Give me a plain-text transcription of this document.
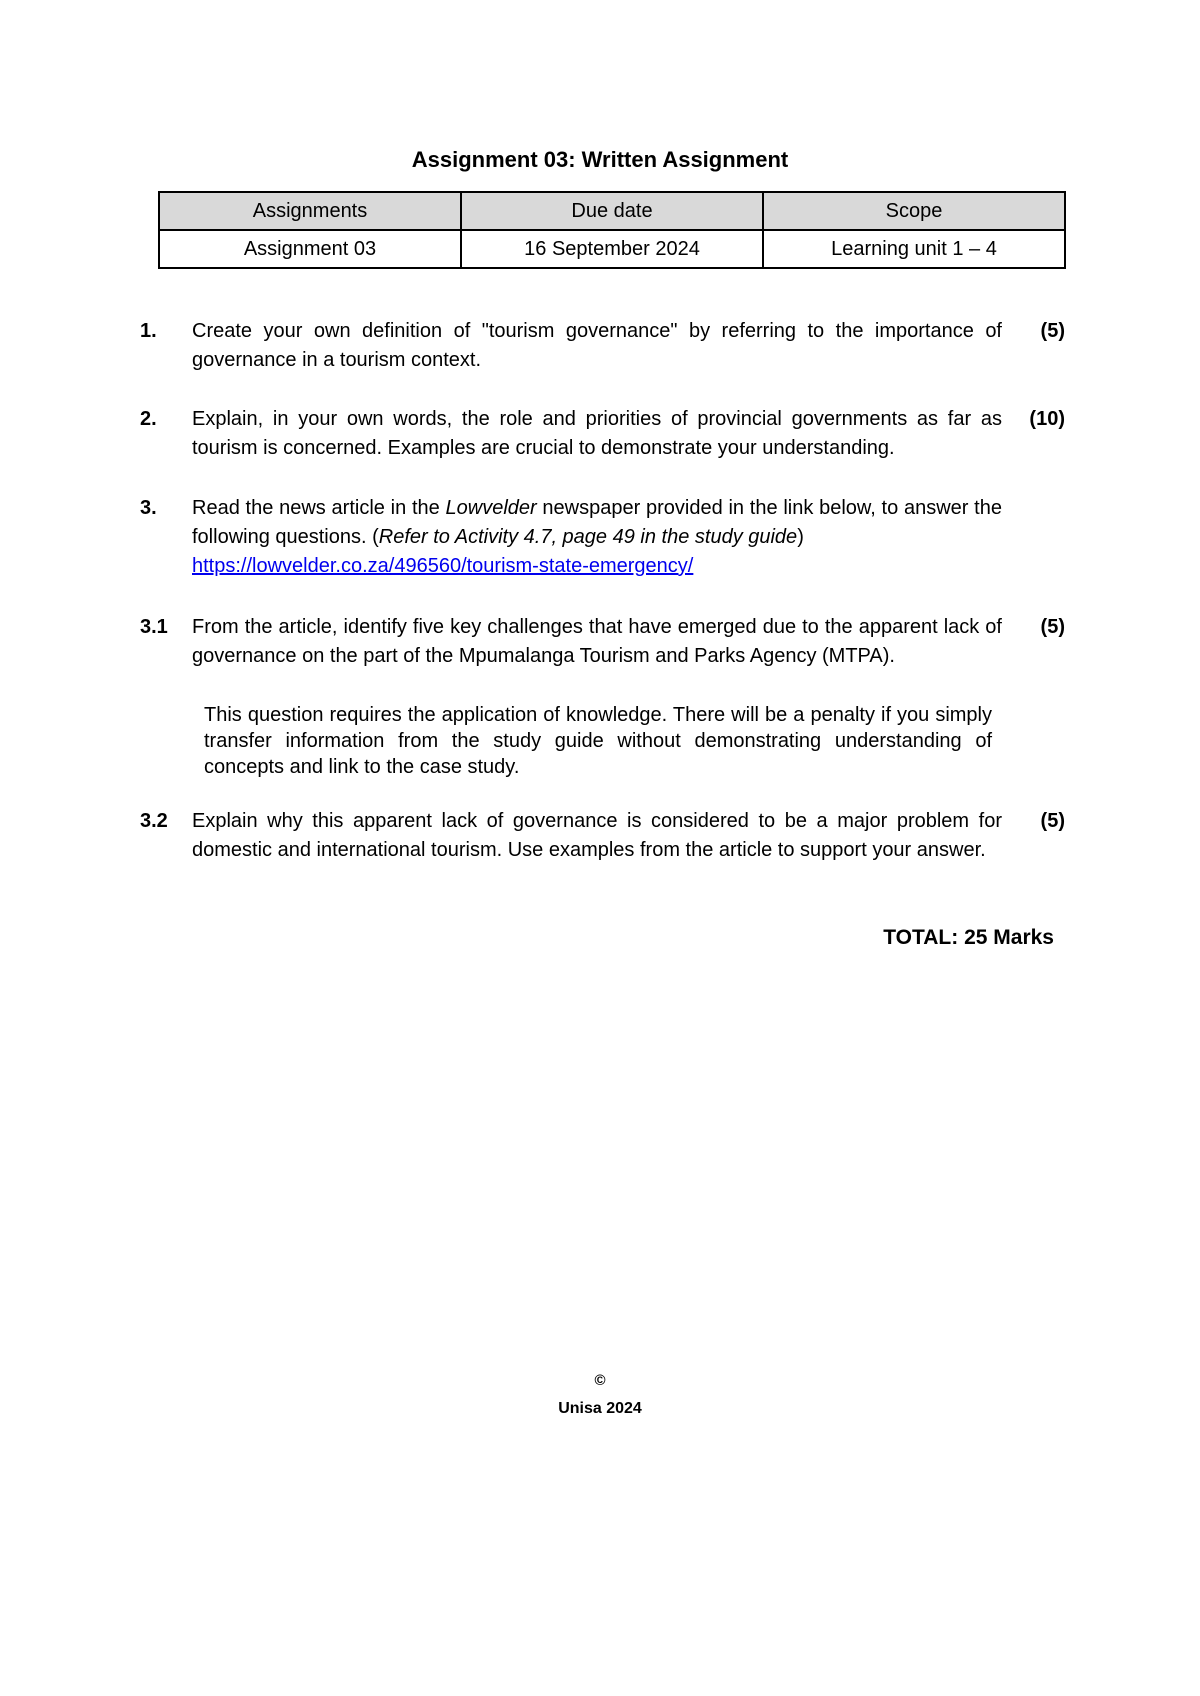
Assignment 03: Written Assignment
Assignments	Due date	Scope
Assignment 03	16 September 2024	Learning unit 1 – 4
1. Create your own definition of "tourism governance" by referring to the importance of governance in a tourism context.
(5)
2. Explain, in your own words, the role and priorities of provincial governments as far as tourism is concerned. Examples are crucial to demonstrate your understanding.
(10)
3. Read the news article in the Lowvelder newspaper provided in the link below, to answer the following questions. (Refer to Activity 4.7, page 49 in the study guide)
https://lowvelder.co.za/496560/tourism-state-emergency/
3.1 From the article, identify five key challenges that have emerged due to the apparent lack of governance on the part of the Mpumalanga Tourism and Parks Agency (MTPA).
(5)
This question requires the application of knowledge. There will be a penalty if you simply transfer information from the study guide without demonstrating understanding of concepts and link to the case study.
3.2 Explain why this apparent lack of governance is considered to be a major problem for domestic and international tourism. Use examples from the article to support your answer.
(5)
TOTAL: 25 Marks
©
Unisa 2024
